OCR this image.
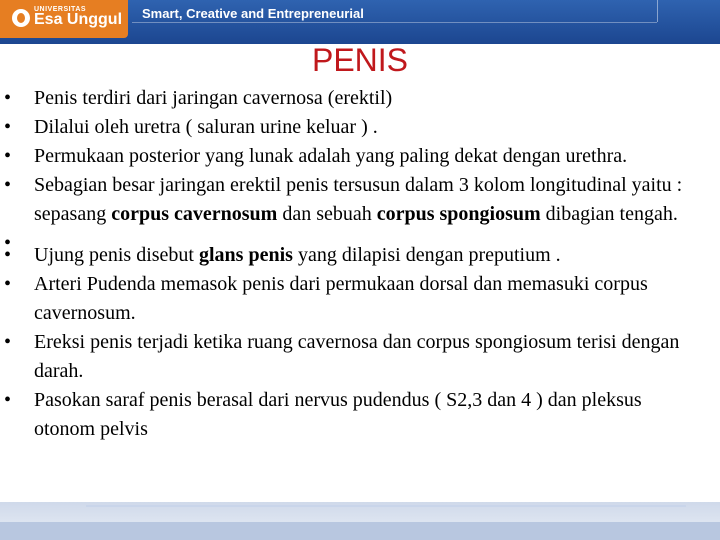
UNIVERSITAS
Esa Unggul Smart, Creative and Entrepreneurial
PENIS
• Penis terdiri dari jaringan cavernosa (erektil)
• Dilalui oleh uretra ( saluran urine keluar ) .
• Permukaan posterior yang lunak adalah yang paling dekat dengan urethra.
• Sebagian besar jaringan erektil penis tersusun dalam 3 kolom longitudinal yaitu : sepasang corpus cavernosum dan sebuah corpus spongiosum dibagian tengah.
•
• Ujung penis disebut glans penis yang dilapisi dengan preputium .
• Arteri Pudenda memasok penis dari permukaan dorsal dan memasuki corpus cavernosum.
• Ereksi penis terjadi ketika ruang cavernosa dan corpus spongiosum terisi dengan darah.
• Pasokan saraf penis berasal dari nervus pudendus ( S2,3 dan 4 ) dan pleksus otonom pelvis
